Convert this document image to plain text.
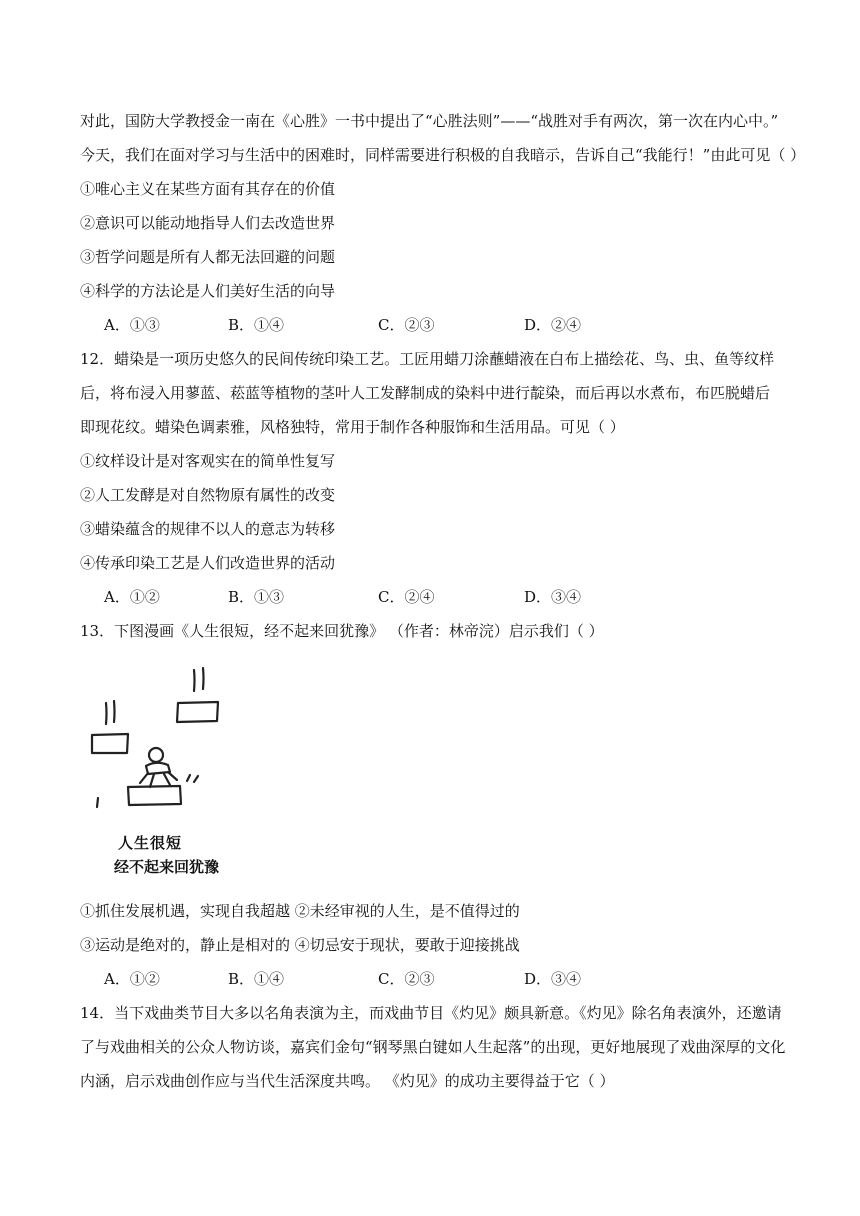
对此，国防大学教授金一南在《心胜》一书中提出了“心胜法则”——“战胜对手有两次，第一次在内心中。”
今天，我们在面对学习与生活中的困难时，同样需要进行积极的自我暗示，告诉自己“我能行！”由此可见（ ）
①唯心主义在某些方面有其存在的价值
②意识可以能动地指导人们去改造世界
③哲学问题是所有人都无法回避的问题
④科学的方法论是人们美好生活的向导
A．①③	B．①④	C．②③	D．②④
12．蜡染是一项历史悠久的民间传统印染工艺。工匠用蜡刀涂蘸蜡液在白布上描绘花、鸟、虫、鱼等纹样
后，将布浸入用蓼蓝、菘蓝等植物的茎叶人工发酵制成的染料中进行靛染，而后再以水煮布，布匹脱蜡后
即现花纹。蜡染色调素雅，风格独特，常用于制作各种服饰和生活用品。可见（ ）
①纹样设计是对客观实在的简单性复写
②人工发酵是对自然物原有属性的改变
③蜡染蕴含的规律不以人的意志为转移
④传承印染工艺是人们改造世界的活动
A．①②	B．①③	C．②④	D．③④
13．下图漫画《人生很短，经不起来回犹豫》 （作者：林帝浣）启示我们（ ）
人生很短
经不起来回犹豫
①抓住发展机遇，实现自我超越 ②未经审视的人生，是不值得过的
③运动是绝对的，静止是相对的 ④切忌安于现状，要敢于迎接挑战
A．①②	B．①④	C．②③	D．③④
14．当下戏曲类节目大多以名角表演为主，而戏曲节目《灼见》颇具新意。《灼见》除名角表演外，还邀请
了与戏曲相关的公众人物访谈，嘉宾们金句“钢琴黑白键如人生起落”的出现，更好地展现了戏曲深厚的文化
内涵，启示戏曲创作应与当代生活深度共鸣。 《灼见》的成功主要得益于它（ ）
